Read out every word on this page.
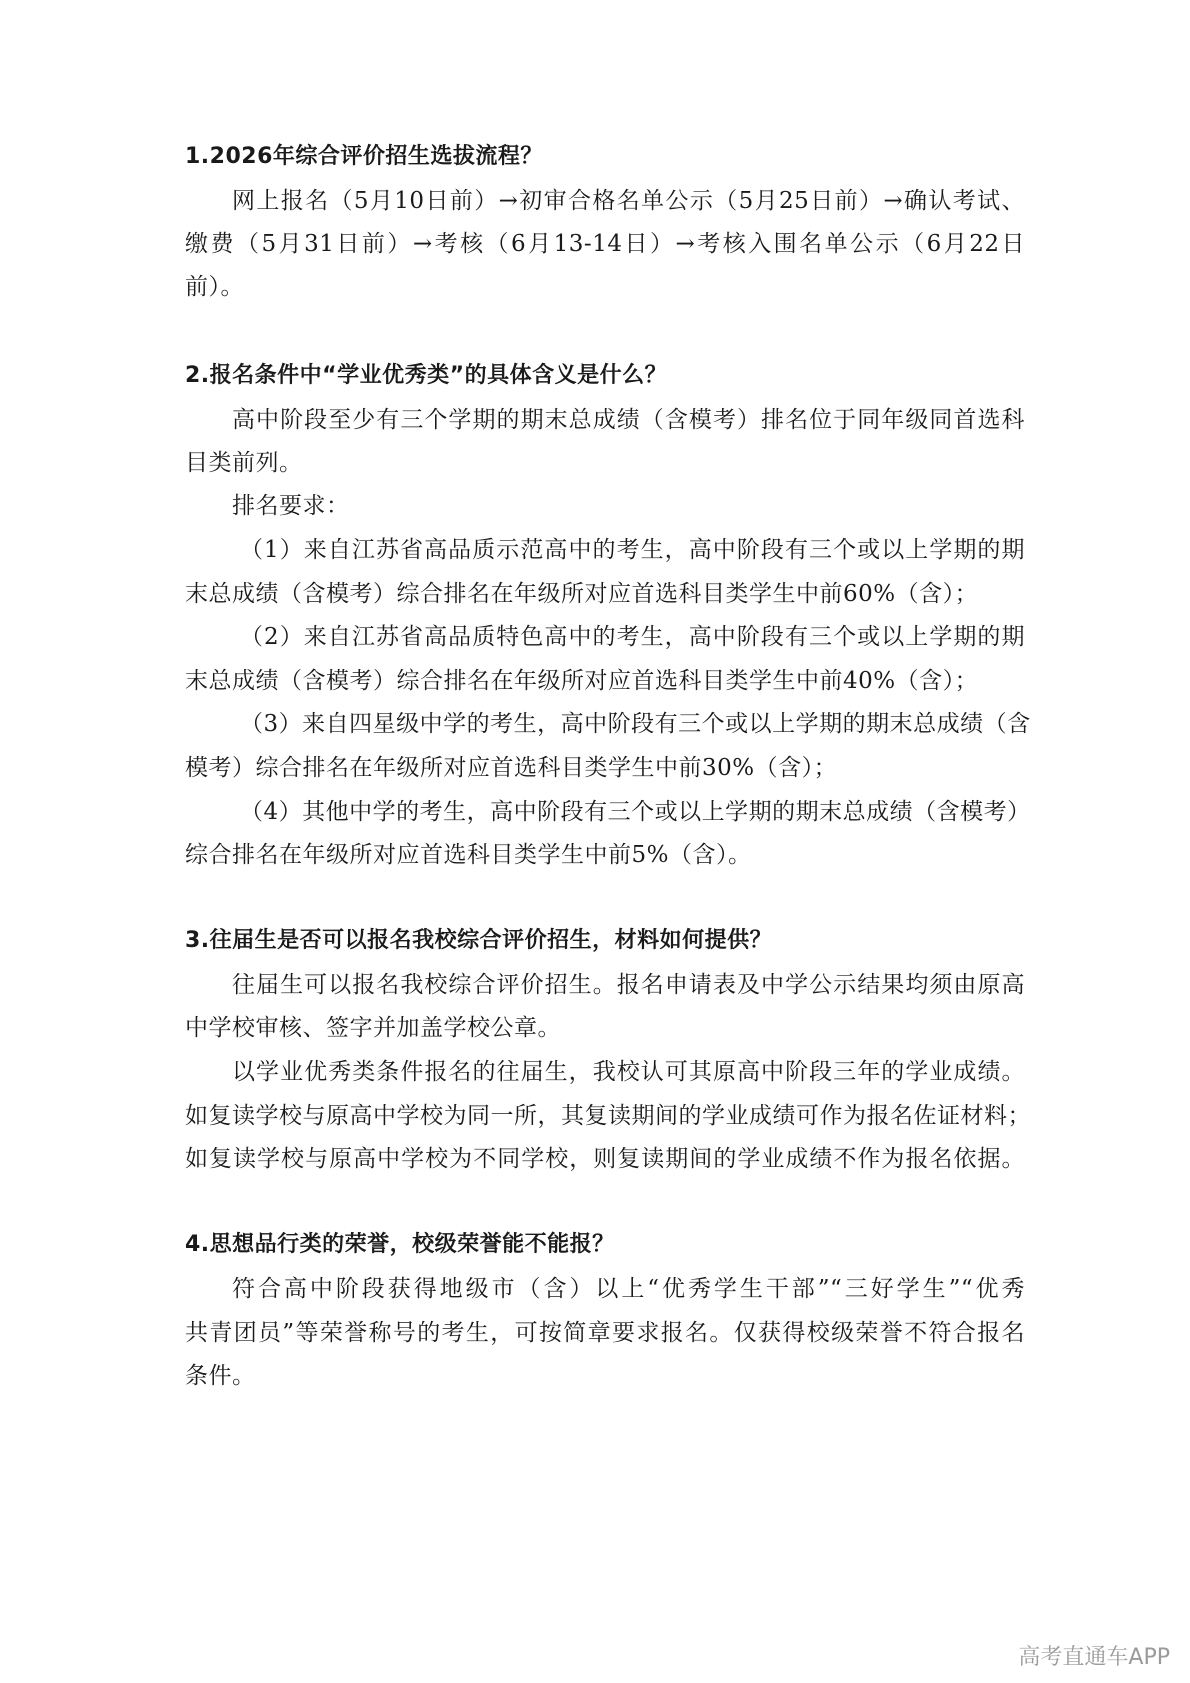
1.2026年综合评价招生选拔流程？
网上报名（5月10日前）→初审合格名单公示（5月25日前）→确认考试、
缴费（5月31日前）→考核（6月13-14日）→考核入围名单公示（6月22日
前）。
2.报名条件中“学业优秀类”的具体含义是什么？
高中阶段至少有三个学期的期末总成绩（含模考）排名位于同年级同首选科
目类前列。
排名要求：
（1）来自江苏省高品质示范高中的考生，高中阶段有三个或以上学期的期
末总成绩（含模考）综合排名在年级所对应首选科目类学生中前60%（含）；
（2）来自江苏省高品质特色高中的考生，高中阶段有三个或以上学期的期
末总成绩（含模考）综合排名在年级所对应首选科目类学生中前40%（含）；
（3）来自四星级中学的考生，高中阶段有三个或以上学期的期末总成绩（含
模考）综合排名在年级所对应首选科目类学生中前30%（含）；
（4）其他中学的考生，高中阶段有三个或以上学期的期末总成绩（含模考）
综合排名在年级所对应首选科目类学生中前5%（含）。
3.往届生是否可以报名我校综合评价招生，材料如何提供？
往届生可以报名我校综合评价招生。报名申请表及中学公示结果均须由原高
中学校审核、签字并加盖学校公章。
以学业优秀类条件报名的往届生，我校认可其原高中阶段三年的学业成绩。
如复读学校与原高中学校为同一所，其复读期间的学业成绩可作为报名佐证材料；
如复读学校与原高中学校为不同学校，则复读期间的学业成绩不作为报名依据。
4.思想品行类的荣誉，校级荣誉能不能报？
符合高中阶段获得地级市（含）以上“优秀学生干部”“三好学生”“优秀
共青团员”等荣誉称号的考生，可按简章要求报名。仅获得校级荣誉不符合报名
条件。
高考直通车APP
